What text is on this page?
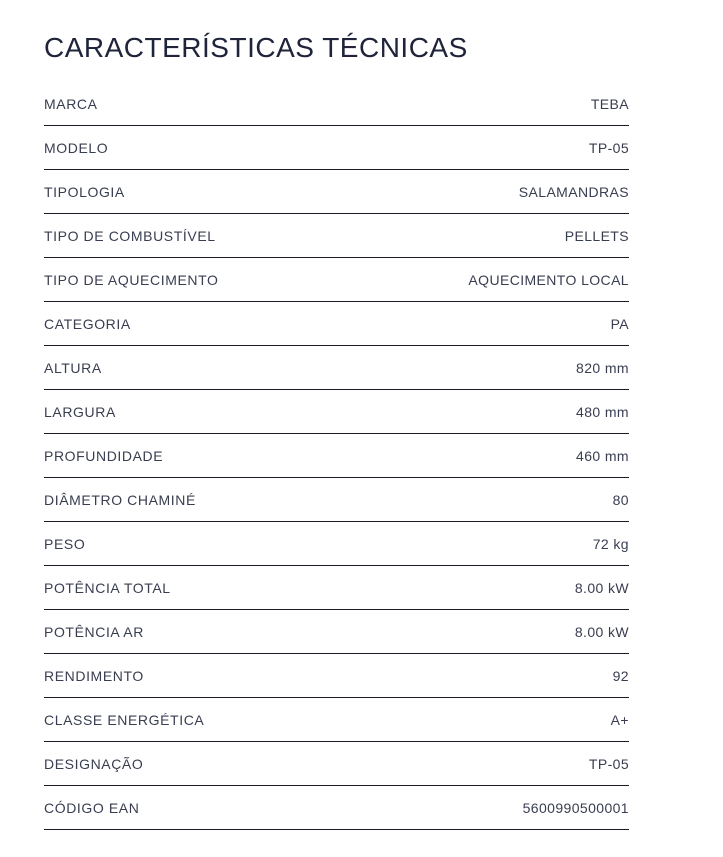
CARACTERÍSTICAS TÉCNICAS
MARCA	TEBA
MODELO	TP-05
TIPOLOGIA	SALAMANDRAS
TIPO DE COMBUSTÍVEL	PELLETS
TIPO DE AQUECIMENTO	AQUECIMENTO LOCAL
CATEGORIA	PA
ALTURA	820 mm
LARGURA	480 mm
PROFUNDIDADE	460 mm
DIÂMETRO CHAMINÉ	80
PESO	72 kg
POTÊNCIA TOTAL	8.00 kW
POTÊNCIA AR	8.00 kW
RENDIMENTO	92
CLASSE ENERGÉTICA	A+
DESIGNAÇÃO	TP-05
CÓDIGO EAN	5600990500001
